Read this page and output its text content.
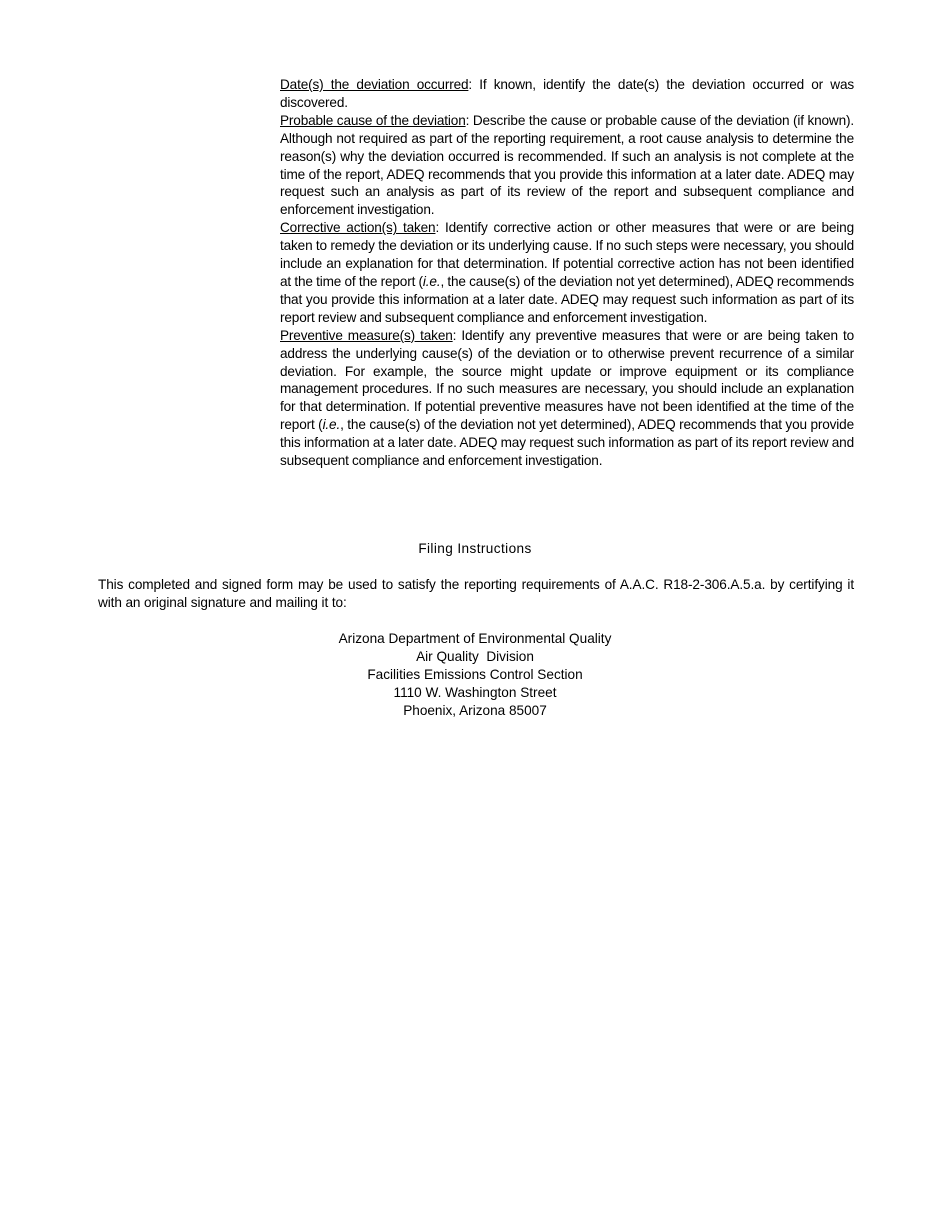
Date(s) the deviation occurred: If known, identify the date(s) the deviation occurred or was discovered.

Probable cause of the deviation: Describe the cause or probable cause of the deviation (if known). Although not required as part of the reporting requirement, a root cause analysis to determine the reason(s) why the deviation occurred is recommended. If such an analysis is not complete at the time of the report, ADEQ recommends that you provide this information at a later date. ADEQ may request such an analysis as part of its review of the report and subsequent compliance and enforcement investigation.

Corrective action(s) taken: Identify corrective action or other measures that were or are being taken to remedy the deviation or its underlying cause. If no such steps were necessary, you should include an explanation for that determination. If potential corrective action has not been identified at the time of the report (i.e., the cause(s) of the deviation not yet determined), ADEQ recommends that you provide this information at a later date. ADEQ may request such information as part of its report review and subsequent compliance and enforcement investigation.

Preventive measure(s) taken: Identify any preventive measures that were or are being taken to address the underlying cause(s) of the deviation or to otherwise prevent recurrence of a similar deviation. For example, the source might update or improve equipment or its compliance management procedures. If no such measures are necessary, you should include an explanation for that determination. If potential preventive measures have not been identified at the time of the report (i.e., the cause(s) of the deviation not yet determined), ADEQ recommends that you provide this information at a later date. ADEQ may request such information as part of its report review and subsequent compliance and enforcement investigation.

Filing Instructions
This completed and signed form may be used to satisfy the reporting requirements of A.A.C. R18-2-306.A.5.a. by certifying it with an original signature and mailing it to:
Arizona Department of Environmental Quality
Air Quality  Division
Facilities Emissions Control Section
1110 W. Washington Street
Phoenix, Arizona 85007
